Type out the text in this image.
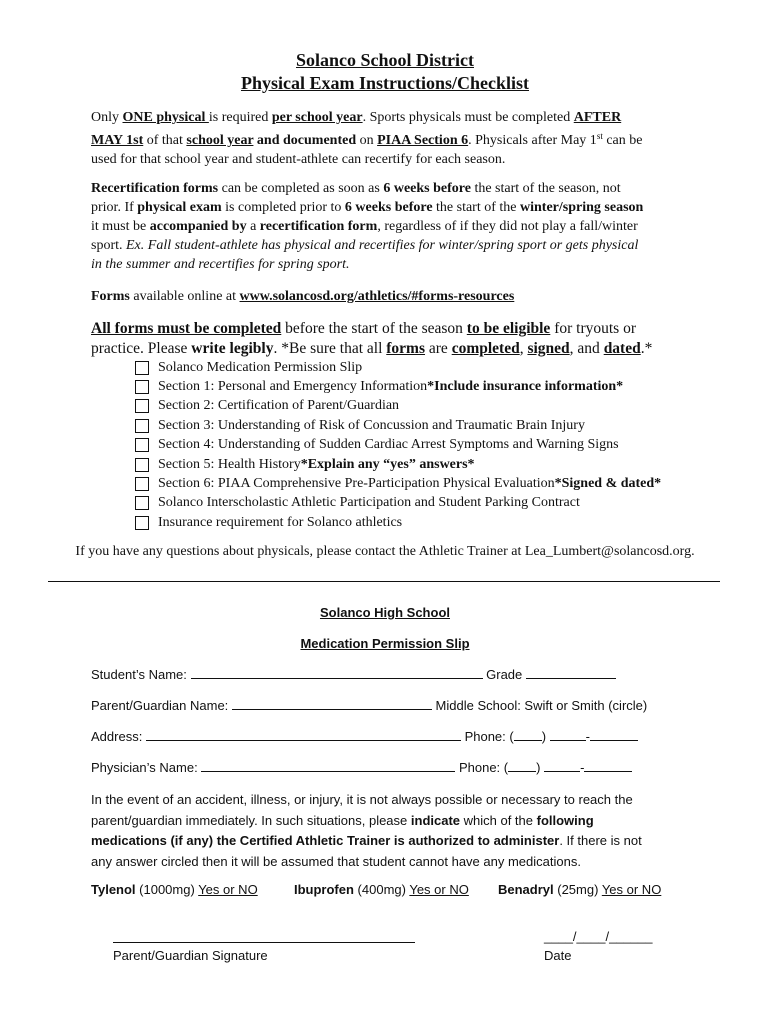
Solanco School District
Physical Exam Instructions/Checklist
Only ONE physical is required per school year. Sports physicals must be completed AFTER
MAY 1st of that school year and documented on PIAA Section 6. Physicals after May 1st can be
used for that school year and student-athlete can recertify for each season.
Recertification forms can be completed as soon as 6 weeks before the start of the season, not
prior. If physical exam is completed prior to 6 weeks before the start of the winter/spring season
it must be accompanied by a recertification form, regardless of if they did not play a fall/winter
sport. Ex. Fall student-athlete has physical and recertifies for winter/spring sport or gets physical
in the summer and recertifies for spring sport.
Forms available online at www.solancosd.org/athletics/#forms-resources
All forms must be completed before the start of the season to be eligible for tryouts or
practice. Please write legibly. *Be sure that all forms are completed, signed, and dated.*
Solanco Medication Permission Slip
Section 1: Personal and Emergency Information *Include insurance information*
Section 2: Certification of Parent/Guardian
Section 3: Understanding of Risk of Concussion and Traumatic Brain Injury
Section 4: Understanding of Sudden Cardiac Arrest Symptoms and Warning Signs
Section 5: Health History *Explain any “yes” answers*
Section 6: PIAA Comprehensive Pre-Participation Physical Evaluation *Signed & dated*
Solanco Interscholastic Athletic Participation and Student Parking Contract
Insurance requirement for Solanco athletics
If you have any questions about physicals, please contact the Athletic Trainer at Lea_Lumbert@solancosd.org.
Solanco High School
Medication Permission Slip
Student’s Name:	Grade
Parent/Guardian Name:	Middle School: Swift or Smith (circle)
Address:	Phone: ( )	-
Physician’s Name:	Phone: ( )	-
In the event of an accident, illness, or injury, it is not always possible or necessary to reach the
parent/guardian immediately. In such situations, please indicate which of the following
medications (if any) the Certified Athletic Trainer is authorized to administer. If there is not
any answer circled then it will be assumed that student cannot have any medications.
Tylenol (1000mg) Yes or NO	Ibuprofen (400mg) Yes or NO Benadryl (25mg) Yes or NO
Parent/Guardian Signature
____/____/______
Date
